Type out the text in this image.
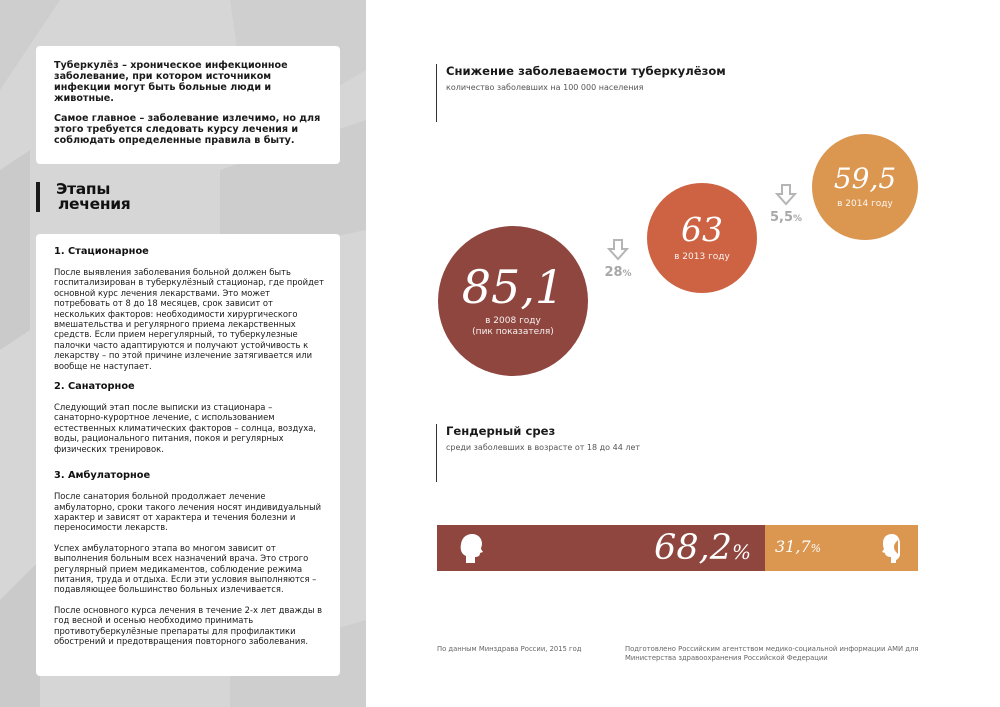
Туберкулёз – хроническое инфекционное заболевание, при котором источником инфекции могут быть больные люди и животные.

Самое главное – заболевание излечимо, но для этого требуется следовать курсу лечения и соблюдать определенные правила в быту.

Этапы
лечения
1. Стационарное
После выявления заболевания больной должен быть госпитализирован в туберкулёзный стационар, где пройдет основной курс лечения лекарствами. Это может потребовать от 8 до 18 месяцев, срок зависит от нескольких факторов: необходимости хирургического вмешательства и регулярного приема лекарственных средств. Если прием нерегулярный, то туберкулезные палочки часто адаптируются и получают устойчивость к лекарству – по этой причине излечение затягивается или вообще не наступает.
2. Санаторное
Следующий этап после выписки из стационара – санаторно-курортное лечение, с использованием естественных климатических факторов – солнца, воздуха, воды, рационального питания, покоя и регулярных физических тренировок.
3. Амбулаторное
После санатория больной продолжает лечение амбулаторно, сроки такого лечения носят индивидуальный характер и зависят от характера и течения болезни и переносимости лекарств.
Успех амбулаторного этапа во многом зависит от выполнения больным всех назначений врача. Это строго регулярный прием медикаментов, соблюдение режима питания, труда и отдыха. Если эти условия выполняются – подавляющее большинство больных излечивается.
После основного курса лечения в течение 2-х лет дважды в год весной и осенью необходимо принимать противотуберкулёзные препараты для профилактики обострений и предотвращения повторного заболевания.
Снижение заболеваемости туберкулёзом
количество заболевших на 100 000 населения
85,1
в 2008 году
(пик показателя)
63
в 2013 году
59,5
в 2014 году
28%
5,5%
Гендерный срез
среди заболевших в возрасте от 18 до 44 лет
68,2% 31,7%
По данным Минздрава России, 2015 год	Подготовлено Российским агентством медико-социальной информации АМИ для Министерства здравоохранения Российской Федерации
